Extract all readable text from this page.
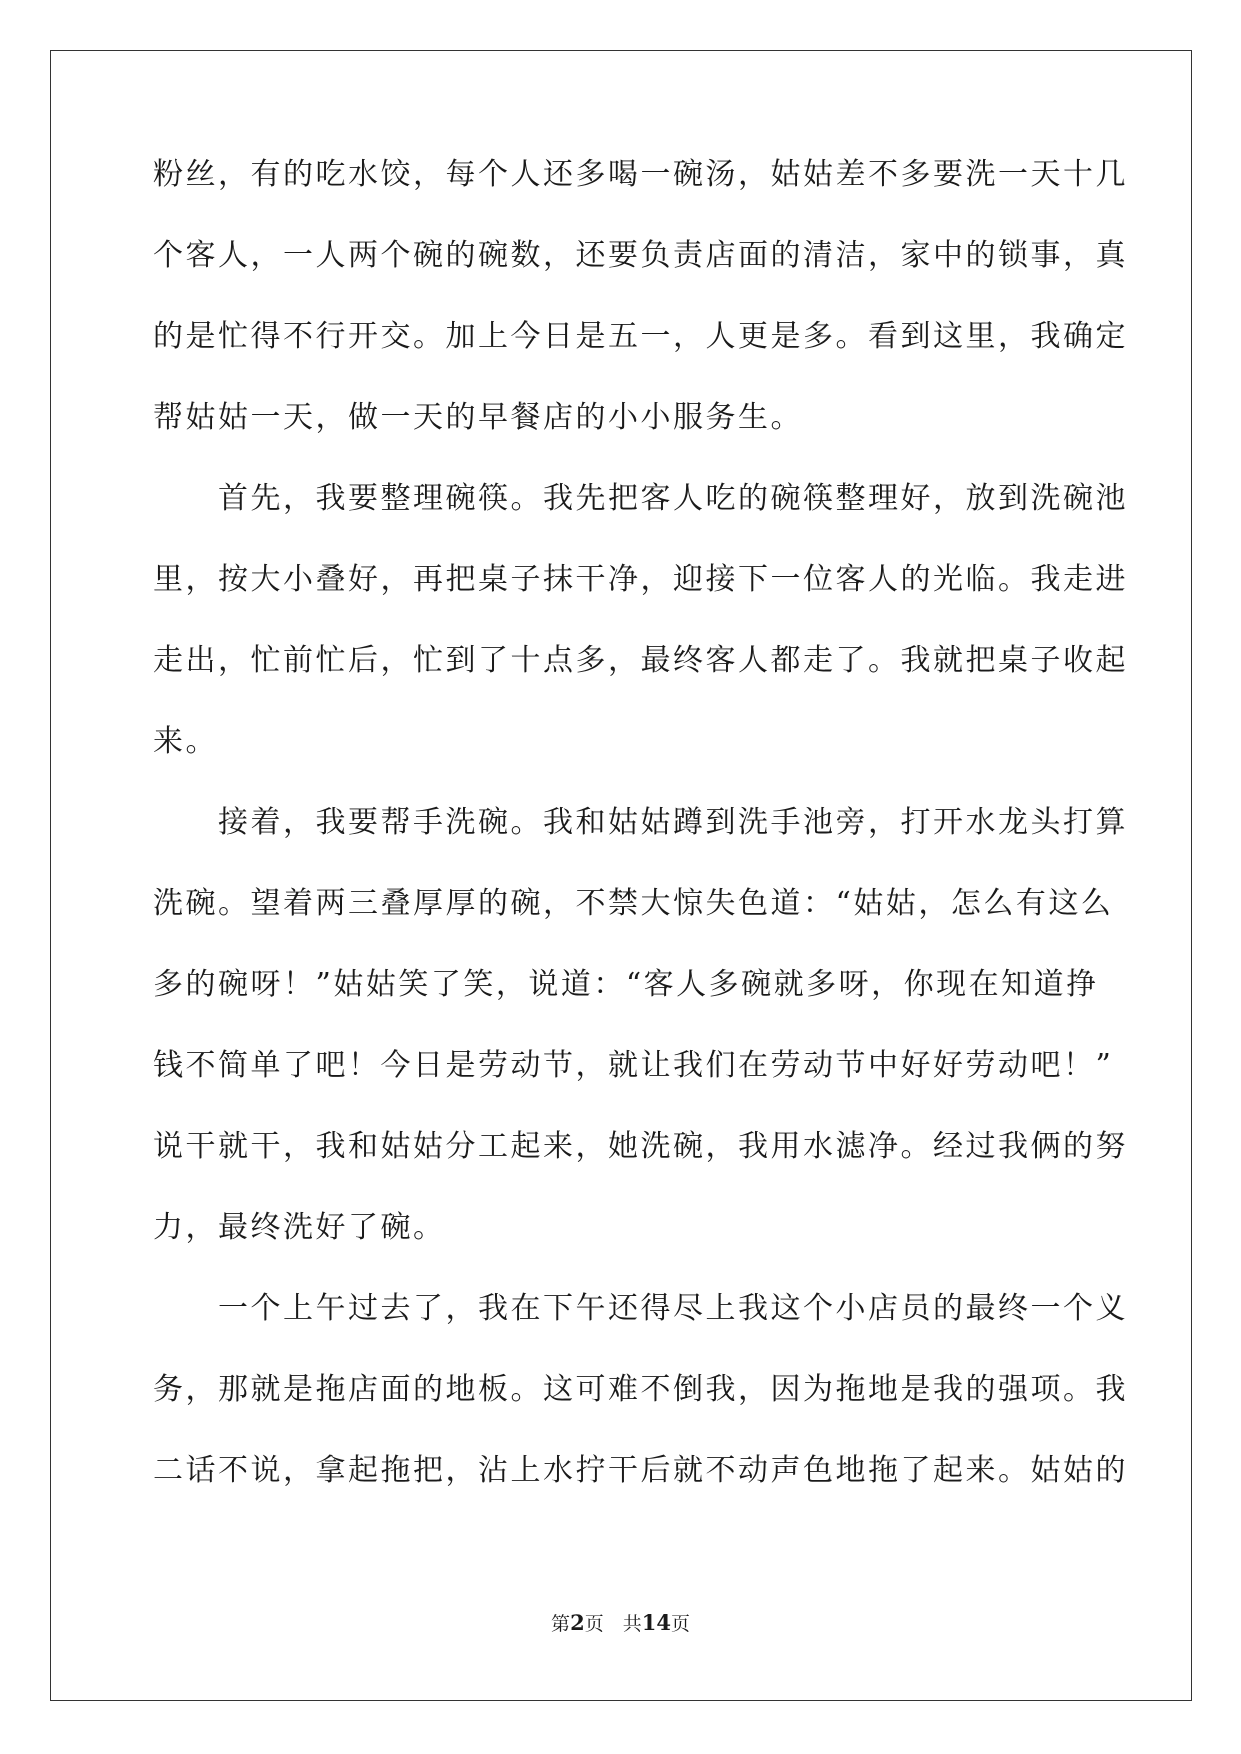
粉丝，有的吃水饺，每个人还多喝一碗汤，姑姑差不多要洗一天十几
个客人，一人两个碗的碗数，还要负责店面的清洁，家中的锁事，真
的是忙得不行开交。加上今日是五一，人更是多。看到这里，我确定
帮姑姑一天，做一天的早餐店的小小服务生。
　　首先，我要整理碗筷。我先把客人吃的碗筷整理好，放到洗碗池
里，按大小叠好，再把桌子抹干净，迎接下一位客人的光临。我走进
走出，忙前忙后，忙到了十点多，最终客人都走了。我就把桌子收起
来。
　　接着，我要帮手洗碗。我和姑姑蹲到洗手池旁，打开水龙头打算
洗碗。望着两三叠厚厚的碗，不禁大惊失色道：“姑姑，怎么有这么
多的碗呀！”姑姑笑了笑，说道：“客人多碗就多呀，你现在知道挣
钱不简单了吧！今日是劳动节，就让我们在劳动节中好好劳动吧！”
说干就干，我和姑姑分工起来，她洗碗，我用水滤净。经过我俩的努
力，最终洗好了碗。
　　一个上午过去了，我在下午还得尽上我这个小店员的最终一个义
务，那就是拖店面的地板。这可难不倒我，因为拖地是我的强项。我
二话不说，拿起拖把，沾上水拧干后就不动声色地拖了起来。姑姑的
第2页　共14页
